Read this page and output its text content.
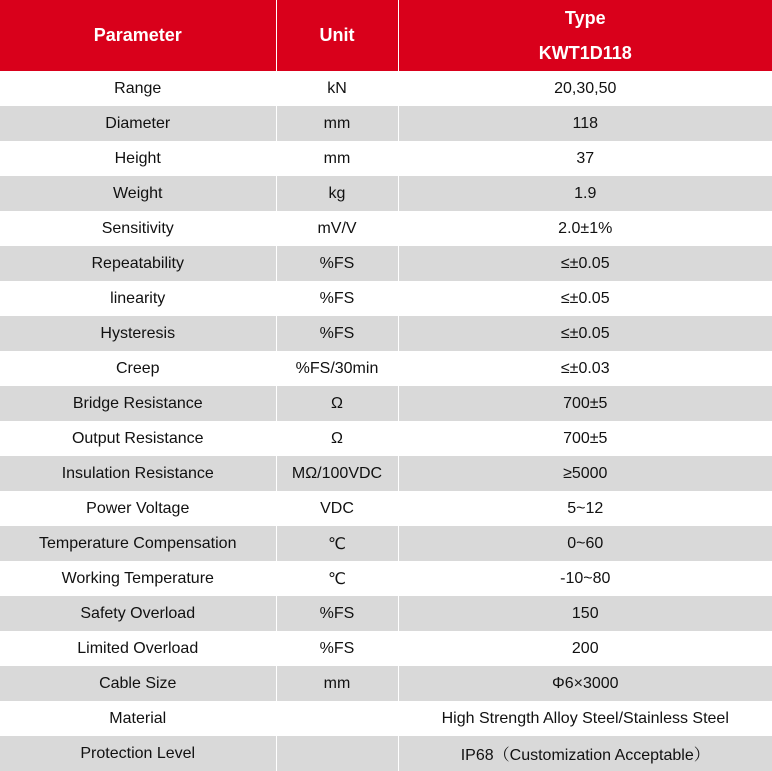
Parameter	Unit	Type
		KWT1D118
Range	kN	20,30,50
Diameter	mm	118
Height	mm	37
Weight	kg	1.9
Sensitivity	mV/V	2.0±1%
Repeatability	%FS	≤±0.05
linearity	%FS	≤±0.05
Hysteresis	%FS	≤±0.05
Creep	%FS/30min	≤±0.03
Bridge Resistance	Ω	700±5
Output Resistance	Ω	700±5
Insulation Resistance	MΩ/100VDC	≥5000
Power Voltage	VDC	5~12
Temperature Compensation	℃	0~60
Working Temperature	℃	-10~80
Safety Overload	%FS	150
Limited Overload	%FS	200
Cable Size	mm	Φ6×3000
Material		High Strength Alloy Steel/Stainless Steel
Protection Level		IP68（Customization Acceptable）
